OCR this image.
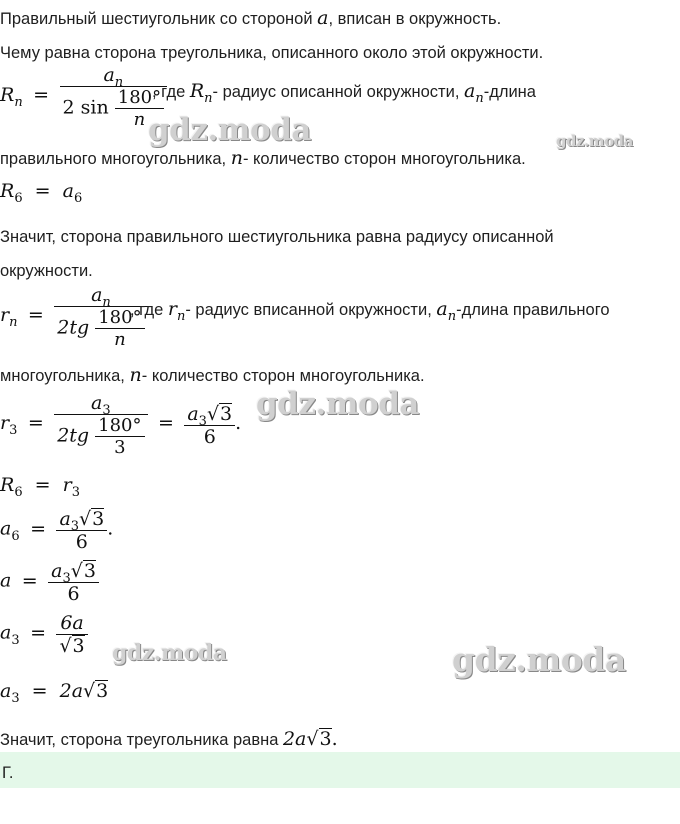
Правильный шестиугольник со стороной a, вписан в окружность.
Чему равна сторона треугольника, описанного около этой окружности.
$R_n = \frac{a_n}{2 \sin \frac{180^\circ}{n}}$
, где $R_n-$ радиус описанной окружности, $a_n$-длина
gdz.moda	gdz.moda
правильного многоугольника, n- количество сторон многоугольника.
$R_6 = a_6$
Значит, сторона правильного шестиугольника равна радиусу описанной
окружности.
$r_n = \frac{a_n}{2tg \frac{180^\circ}{n}}$
, где $r_n-$ радиус вписанной окружности, $a_n$-длина правильного
многоугольника, n- количество сторон многоугольника.
$r_3 = \frac{a_3}{2tg \frac{180^\circ}{3}} = \frac{a_3√3}{6}$ .
gdz.moda
$R_6 = r_3$
$a_6 = \frac{a_3√3}{6}$ .
$a = \frac{a_3√3}{6}$
$a_3 = \frac{6a}{√3}$ gdz.moda	gdz.moda
$a_3 = 2a√3$
Значит, сторона треугольника равна 2a√3.
Г.
